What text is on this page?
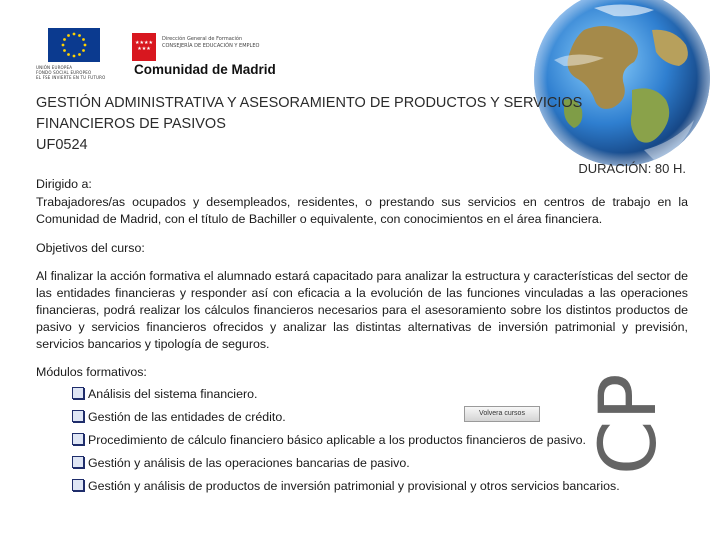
UNIÓN EUROPEA
FONDO SOCIAL EUROPEO
EL FSE INVIERTE EN TU FUTURO
★★★★
★★★
Dirección General de Formación
CONSEJERÍA DE EDUCACIÓN Y EMPLEO
Comunidad de Madrid
GESTIÓN ADMINISTRATIVA Y ASESORAMIENTO DE PRODUCTOS Y SERVICIOS
FINANCIEROS DE PASIVOS
UF0524
DURACIÓN: 80 H.
CP
Dirigido a:
Trabajadores/as ocupados y desempleados, residentes, o prestando sus servicios en centros de trabajo en la Comunidad de Madrid, con el título de Bachiller o equivalente, con conocimientos en el área financiera.
Objetivos del curso:
Al finalizar la acción formativa el alumnado estará capacitado para analizar la estructura y características del sector de las entidades financieras y responder así con eficacia a la evolución de las funciones vinculadas a las operaciones financieras, podrá realizar los cálculos financieros necesarios para el asesoramiento sobre los distintos productos de pasivo y servicios financieros ofrecidos y analizar las distintas alternativas de inversión patrimonial y previsión, servicios bancarios y tipología de seguros.
Módulos formativos:
Análisis del sistema financiero.
Gestión de las entidades de crédito.
Procedimiento de cálculo financiero básico aplicable a los productos financieros de pasivo.
Gestión y análisis de las operaciones bancarias de pasivo.
Gestión y análisis de productos de inversión patrimonial y provisional y otros servicios bancarios.
Volvera cursos
